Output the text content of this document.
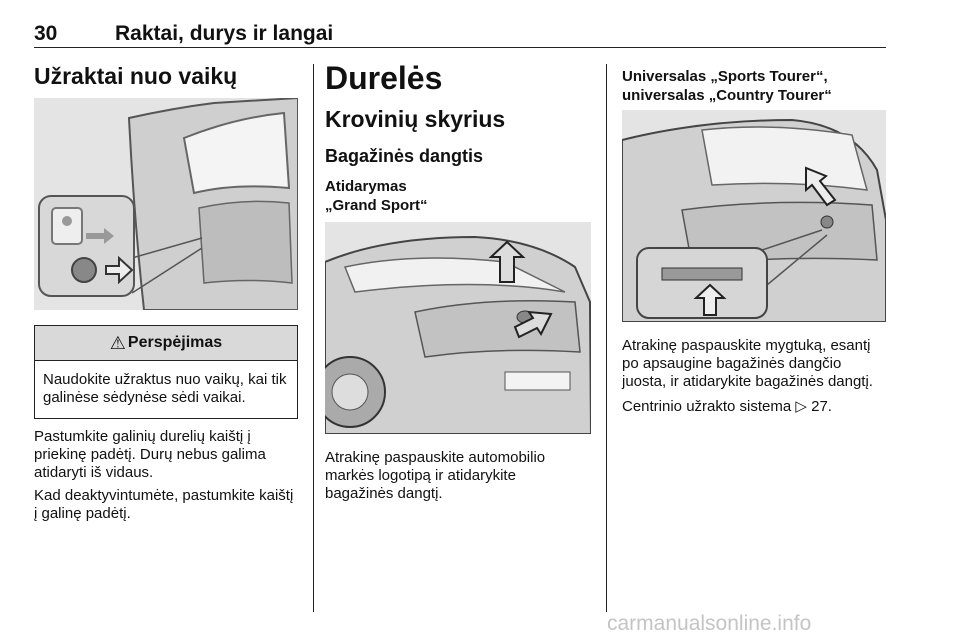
30	Raktai, durys ir langai
Užraktai nuo vaikų
⚠ Perspėjimas
Naudokite užraktus nuo vaikų, kai tik galinėse sėdynėse sėdi vaikai.
Pastumkite galinių durelių kaištį į priekinę padėtį. Durų nebus galima atidaryti iš vidaus.
Kad deaktyvintumėte, pastumkite kaištį į galinę padėtį.
Durelės
Krovinių skyrius
Bagažinės dangtis
Atidarymas
„Grand Sport“
Atrakinę paspauskite automobilio markės logotipą ir atidarykite bagažinės dangtį.
Universalas „Sports Tourer“,
universalas „Country Tourer“
Atrakinę paspauskite mygtuką, esantį po apsaugine bagažinės dangčio juosta, ir atidarykite bagažinės dangtį.
Centrinio užrakto sistema ▷ 27.
carmanualsonline.info
